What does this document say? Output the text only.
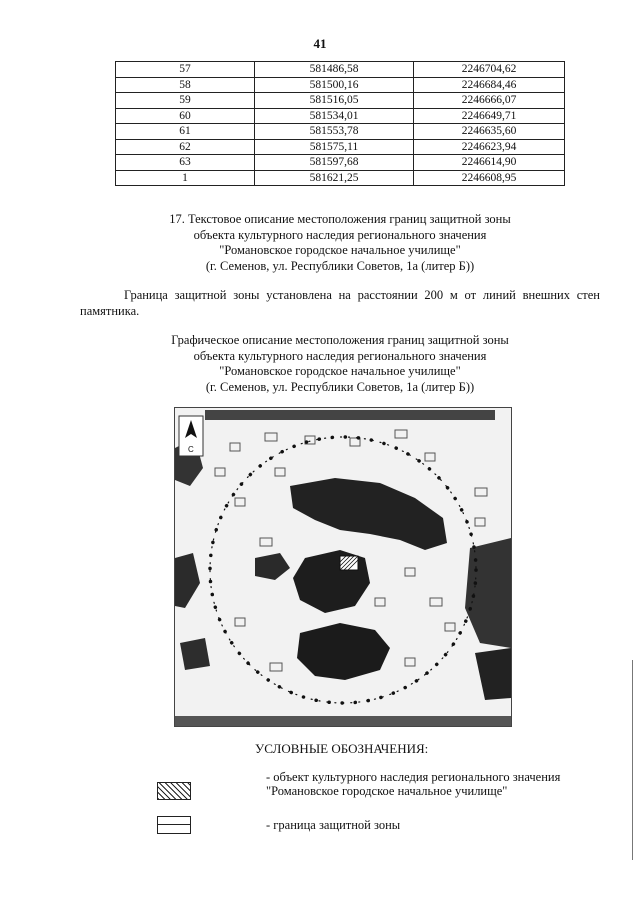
41
57	581486,58	2246704,62
58	581500,16	2246684,46
59	581516,05	2246666,07
60	581534,01	2246649,71
61	581553,78	2246635,60
62	581575,11	2246623,94
63	581597,68	2246614,90
1	581621,25	2246608,95
17. Текстовое описание местоположения границ защитной зоны
объекта культурного наследия регионального значения
"Романовское городское начальное училище"
(г. Семенов, ул. Республики Советов, 1а (литер Б))
Граница защитной зоны установлена на расстоянии 200 м от линий внешних стен памятника.
Графическое описание местоположения границ защитной зоны
объекта культурного наследия регионального значения
"Романовское городское начальное училище"
(г. Семенов, ул. Республики Советов, 1а (литер Б))
C
УСЛОВНЫЕ ОБОЗНАЧЕНИЯ:
- объект культурного наследия регионального значения "Романовское городское начальное училище"
- граница защитной зоны
